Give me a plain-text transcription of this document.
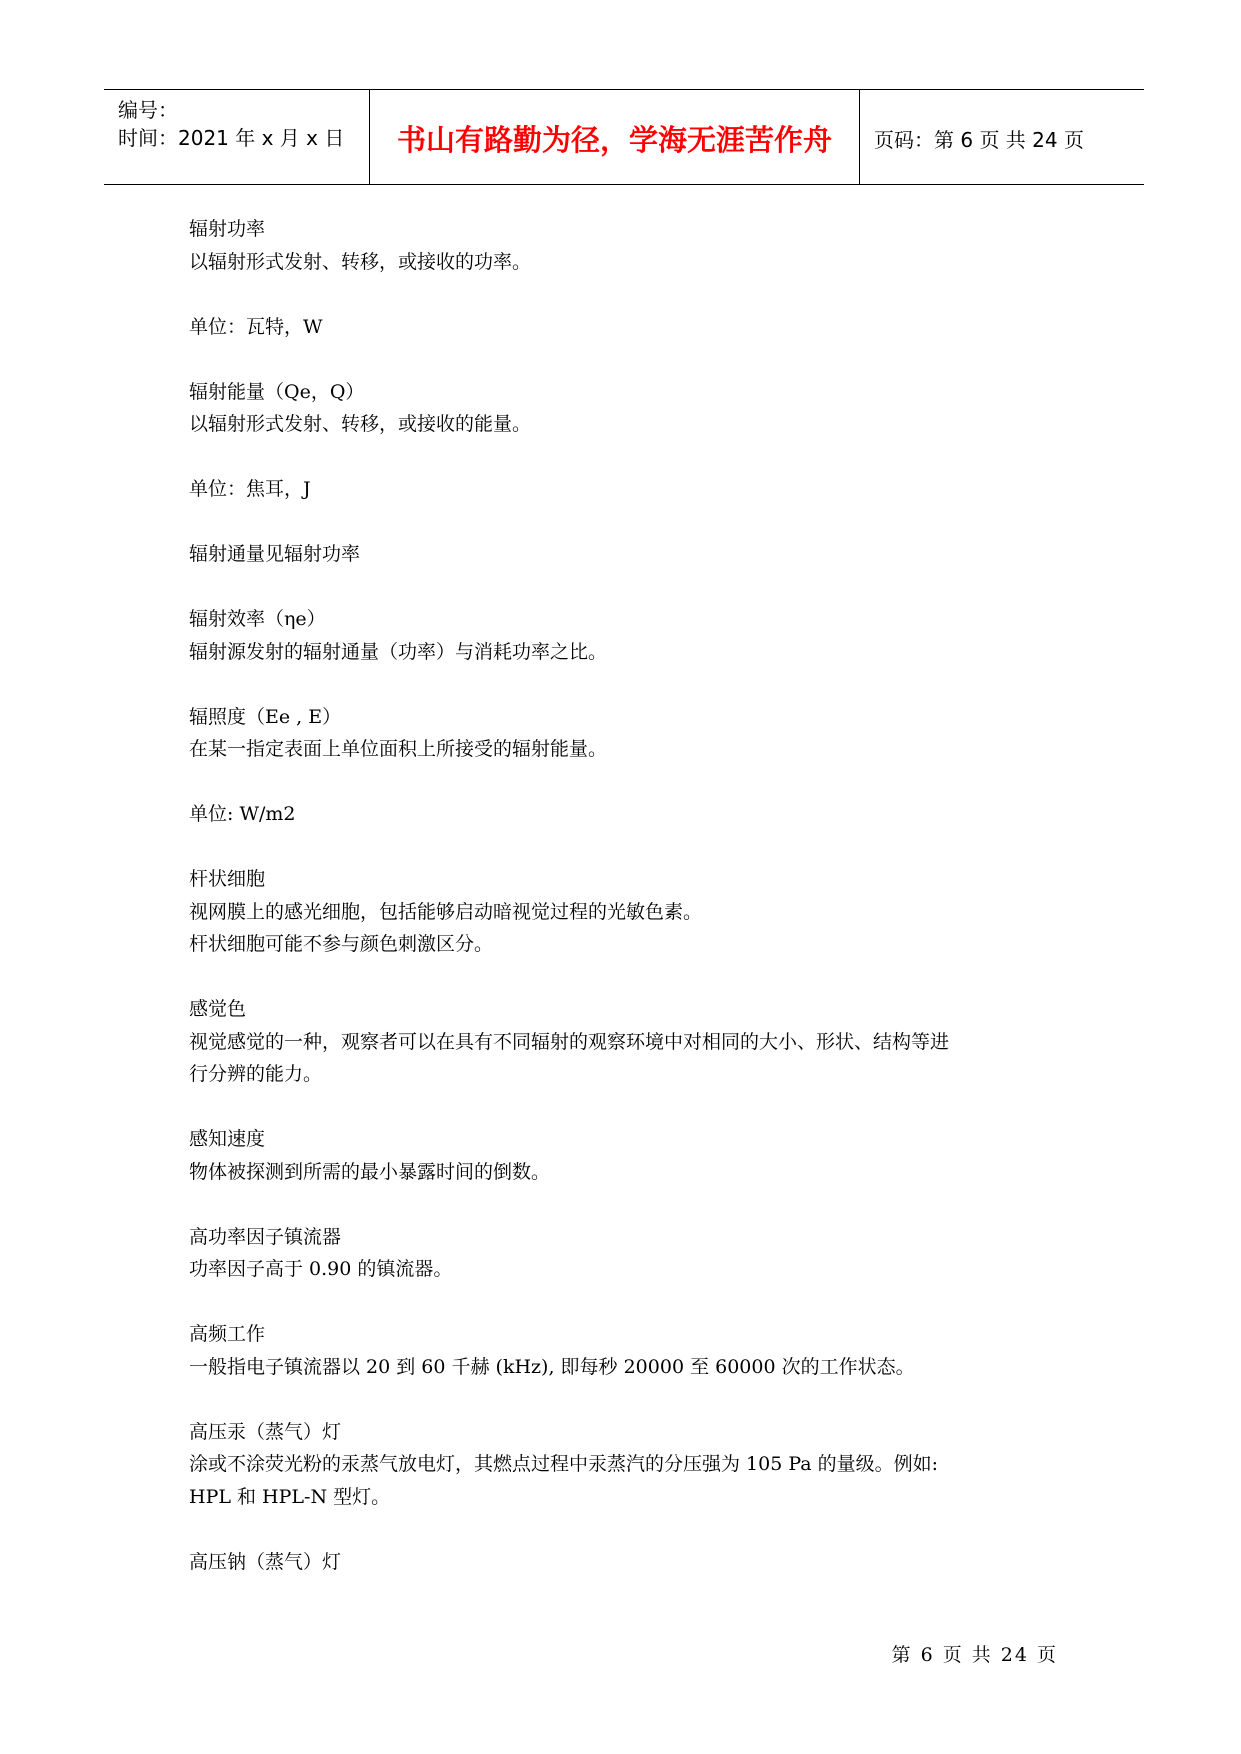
编号：
时间：2021 年 x 月 x 日	书山有路勤为径，学海无涯苦作舟	页码：第 6 页 共 24 页
辐射功率
以辐射形式发射、转移，或接收的功率。
单位：瓦特，W
辐射能量（Qe，Q）
以辐射形式发射、转移，或接收的能量。
单位：焦耳，J
辐射通量见辐射功率
辐射效率（ηe）
辐射源发射的辐射通量（功率）与消耗功率之比。
辐照度（Ee , E）
在某一指定表面上单位面积上所接受的辐射能量。
单位: W/m2
杆状细胞
视网膜上的感光细胞，包括能够启动暗视觉过程的光敏色素。
杆状细胞可能不参与颜色刺激区分。
感觉色
视觉感觉的一种，观察者可以在具有不同辐射的观察环境中对相同的大小、形状、结构等进
行分辨的能力。
感知速度
物体被探测到所需的最小暴露时间的倒数。
高功率因子镇流器
功率因子高于 0.90 的镇流器。
高频工作
一般指电子镇流器以 20 到 60 千赫 (kHz), 即每秒 20000 至 60000 次的工作状态。
高压汞（蒸气）灯
涂或不涂荧光粉的汞蒸气放电灯，其燃点过程中汞蒸汽的分压强为 105 Pa 的量级。例如:
HPL 和 HPL-N 型灯。
高压钠（蒸气）灯
第 6 页 共 24 页
